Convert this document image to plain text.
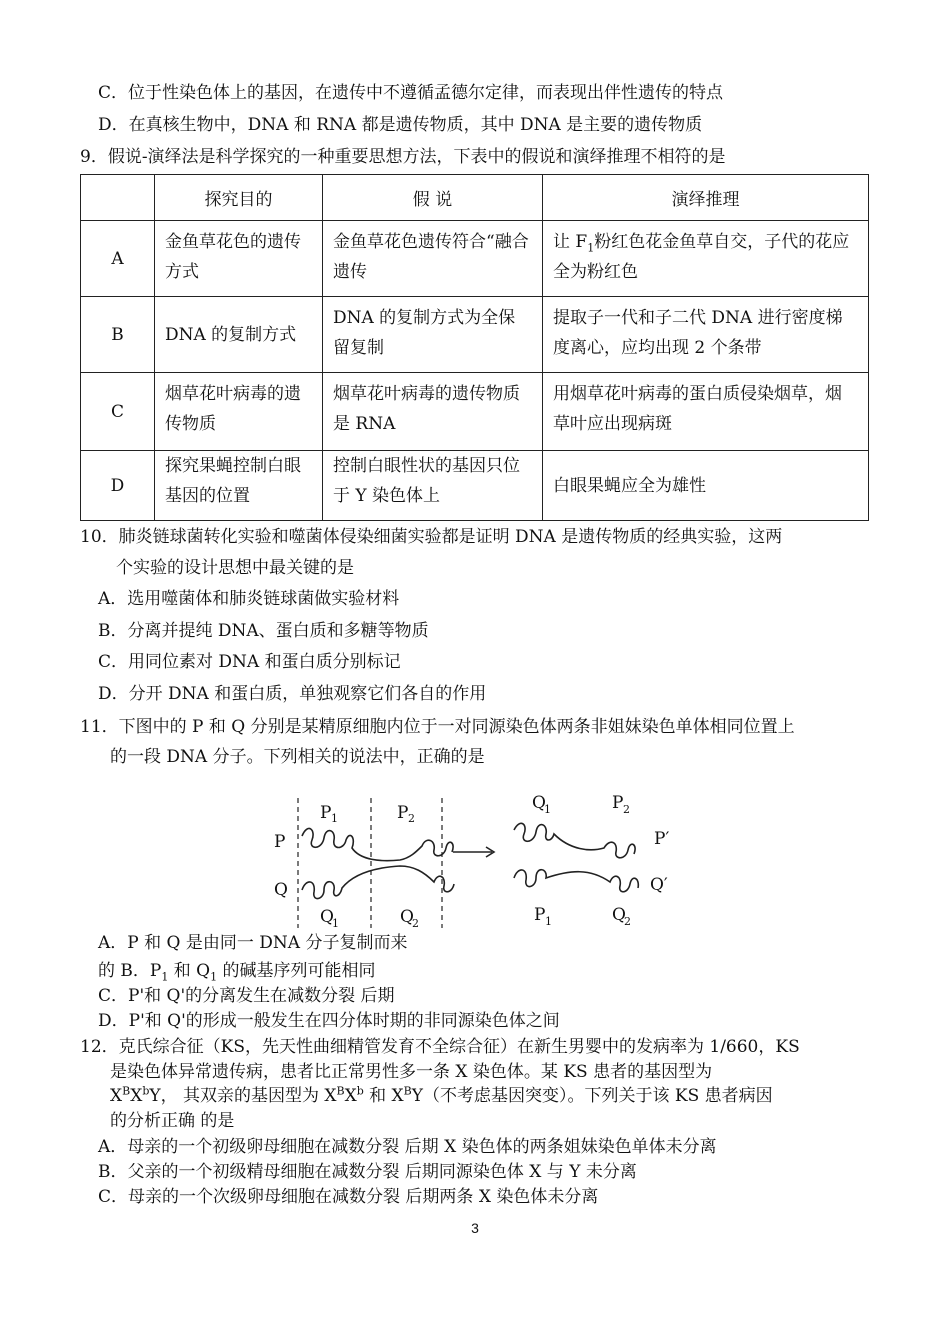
C．位于性染色体上的基因，在遗传中不遵循孟德尔定律，而表现出伴性遗传的特点
D．在真核生物中，DNA 和 RNA 都是遗传物质，其中 DNA 是主要的遗传物质
9．假说-演绎法是科学探究的一种重要思想方法，下表中的假说和演绎推理不相符的是
	探究目的	假 说	演绎推理
A	金鱼草花色的遗传方式	金鱼草花色遗传符合“融合遗传	让 $F_1$粉红色花金鱼草自交，子代的花应全为粉红色
B	DNA 的复制方式	DNA 的复制方式为全保留复制	提取子一代和子二代 DNA 进行密度梯度离心，应均出现 2 个条带
C	烟草花叶病毒的遗传物质	烟草花叶病毒的遗传物质是 RNA	用烟草花叶病毒的蛋白质侵染烟草，烟草叶应出现病斑
D	探究果蝇控制白眼基因的位置	控制白眼性状的基因只位于 Y 染色体上	白眼果蝇应全为雄性
10．肺炎链球菌转化实验和噬菌体侵染细菌实验都是证明 DNA 是遗传物质的经典实验，这两
个实验的设计思想中最关键的是
A．选用噬菌体和肺炎链球菌做实验材料
B．分离并提纯 DNA、蛋白质和多糖等物质
C．用同位素对 DNA 和蛋白质分别标记
D．分开 DNA 和蛋白质，单独观察它们各自的作用
11．下图中的 P 和 Q 分别是某精原细胞内位于一对同源染色体两条非姐妹染色单体相同位置上
的一段 DNA 分子。下列相关的说法中，正确的是
P 1	P 2
P
Q
Q
1	Q
2
Q
1	P 2
P′
Q′
P 1	Q
2
A．P 和 Q 是由同一 DNA 分子复制而来
的 B．$P_1$ 和 $Q_1$ 的碱基序列可能相同
C．P'和 Q'的分离发生在减数分裂 后期
D．P'和 Q'的形成一般发生在四分体时期的非同源染色体之间
12．克氏综合征（KS，先天性曲细精管发育不全综合征）在新生男婴中的发病率为 1/660，KS
是染色体异常遗传病，患者比正常男性多一条 X 染色体。某 KS 患者的基因型为
$X^BX^bY$， 其双亲的基因型为 $X^BX^b$ 和 $X^BY$（不考虑基因突变）。下列关于该 KS 患者病因
的分析正确 的是
A．母亲的一个初级卵母细胞在减数分裂 后期 X 染色体的两条姐妹染色单体未分离
B．父亲的一个初级精母细胞在减数分裂 后期同源染色体 X 与 Y 未分离
C．母亲的一个次级卵母细胞在减数分裂 后期两条 X 染色体未分离
3
